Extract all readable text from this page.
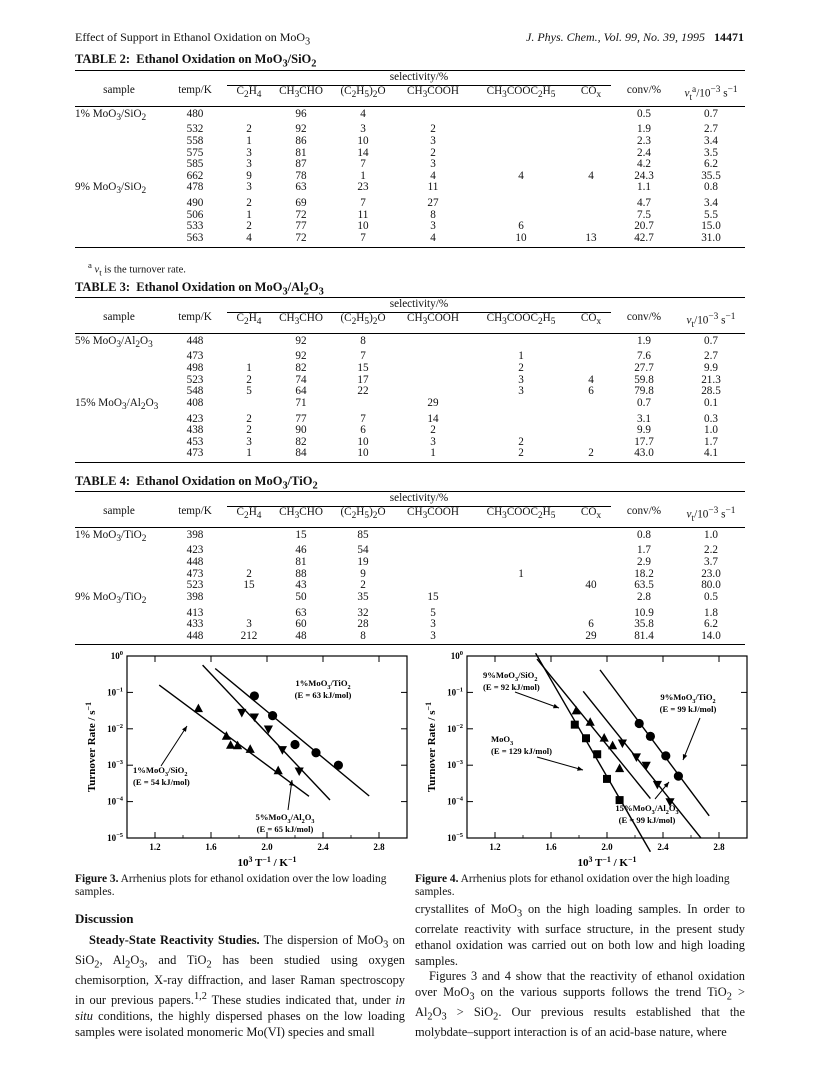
Effect of Support in Ethanol Oxidation on MoO$_3$	J. Phys. Chem., Vol. 99, No. 39, 1995 14471
TABLE 2:  Ethanol Oxidation on MoO$_3$/SiO$_2$
TABLE 3:  Ethanol Oxidation on $MoO_3/Al_2O_3$
TABLE 4:  Ethanol Oxidation on MoO$_3$/TiO$_2$
		selectivity/%							
sample	temp/K	$C_2H_4$	$CH_3CHO$	$(C_2H_5)_2O$	$CH_3COOH$	$CH_3COOC_2H_5$	$CO_x$	conv/%	$v_t^a/10^{-3}$ $s^{-1}$
1% MoO$_3$/SiO$_2$	480		96	4				0.5	0.7
	532	2	92	3	2			1.9	2.7
	558	1	86	10	3			2.3	3.4
	575	3	81	14	2			2.4	3.5
	585	3	87	7	3			4.2	6.2
	662	9	78	1	4	4	4	24.3	35.5
9% MoO$_3$/SiO$_2$	478	3	63	23	11			1.1	0.8
	490	2	69	7	27			4.7	3.4
	506	1	72	11	8			7.5	5.5
	533	2	77	10	3	6		20.7	15.0
	563	4	72	7	4	10	13	42.7	31.0
		selectivity/%							
sample	temp/K	$C_2H_4$	$CH_3CHO$	$(C_2H_5)_2O$	$CH_3COOH$	$CH_3COOC_2H_5$	$CO_x$	conv/%	$v_t/10^{-3}$ $s^{-1}$
5% $MoO_3/Al_2O_3$	448		92	8				1.9	0.7
	473		92	7		1		7.6	2.7
	498	1	82	15		2		27.7	9.9
	523	2	74	17		3	4	59.8	21.3
	548	5	64	22		3	6	79.8	28.5
15% $MoO_3/Al_2O_3$	408		71		29			0.7	0.1
	423	2	77	7	14			3.1	0.3
	438	2	90	6	2			9.9	1.0
	453	3	82	10	3	2		17.7	1.7
	473	1	84	10	1	2	2	43.0	4.1
		selectivity/%							
sample	temp/K	$C_2H_4$	$CH_3CHO$	$(C_2H_5)_2O$	$CH_3COOH$	$CH_3COOC_2H_5$	$CO_x$	conv/%	$v_t/10^{-3}$ $s^{-1}$
1% MoO$_3$/TiO$_2$	398		15	85				0.8	1.0
	423		46	54				1.7	2.2
	448		81	19				2.9	3.7
	473	2	88	9		1		18.2	23.0
	523	15	43	2			40	63.5	80.0
9% MoO$_3$/TiO$_2$	398		50	35	15			2.8	0.5
	413		63	32	5			10.9	1.8
	433	3	60	28	3		6	35.8	6.2
	448	212	48	8	3		29	81.4	14.0
$^a$ $v_t$ is the turnover rate.
1.2	1.6	2.0	2.4	2.8
$10^0$
$10^{-1}$
$10^{-2}$
$10^{-3}$
$10^{-4}$
$10^{-5}$
$10^3$ $T^{-1} / K^{-1}$
Turnover Rate / $s^{-1}$
1%MoO$_3$/TiO$_2$
(E = 63 kJ/mol)
$5\%MoO_3/Al_2O_3$
(E = 65 kJ/mol)
1%MoO$_3$/SiO$_2$
(E = 54 kJ/mol)
1.2	1.6	2.0	2.4	2.8
$10^0$
$10^{-1}$
$10^{-2}$
$10^{-3}$
$10^{-4}$
$10^{-5}$
$10^3$ $T^{-1} / K^{-1}$
Turnover Rate / $s^{-1}$
9%MoO$_3$/SiO$_2$
(E = 92 kJ/mol)
9%MoO$_3$/TiO$_2$
(E = 99 kJ/mol)
MoO$_3$
(E = 129 kJ/mol)
$15\%MoO_3/Al_2O_3$
(E = 99 kJ/mol)
Figure 3. Arrhenius plots for ethanol oxidation over the low loading samples.
Figure 4. Arrhenius plots for ethanol oxidation over the high loading samples.
Discussion
Steady-State Reactivity Studies. The dispersion of MoO$_3$ on SiO$_2$, $Al_2O_3$, and TiO$_2$ has been studied using oxygen chemisorption, X-ray diffraction, and laser Raman spectroscopy in our previous papers.$^{1,2}$ These studies indicated that, under in situ conditions, the highly dispersed phases on the low loading samples were isolated monomeric Mo(VI) species and small
crystallites of MoO$_3$ on the high loading samples. In order to correlate reactivity with surface structure, in the present study ethanol oxidation was carried out on both low and high loading samples.
Figures 3 and 4 show that the reactivity of ethanol oxidation over MoO$_3$ on the various supports follows the trend $TiO_2 > Al_2O_3 > SiO_2$. Our previous results established that the molybdate–support interaction is of an acid-base nature, where
